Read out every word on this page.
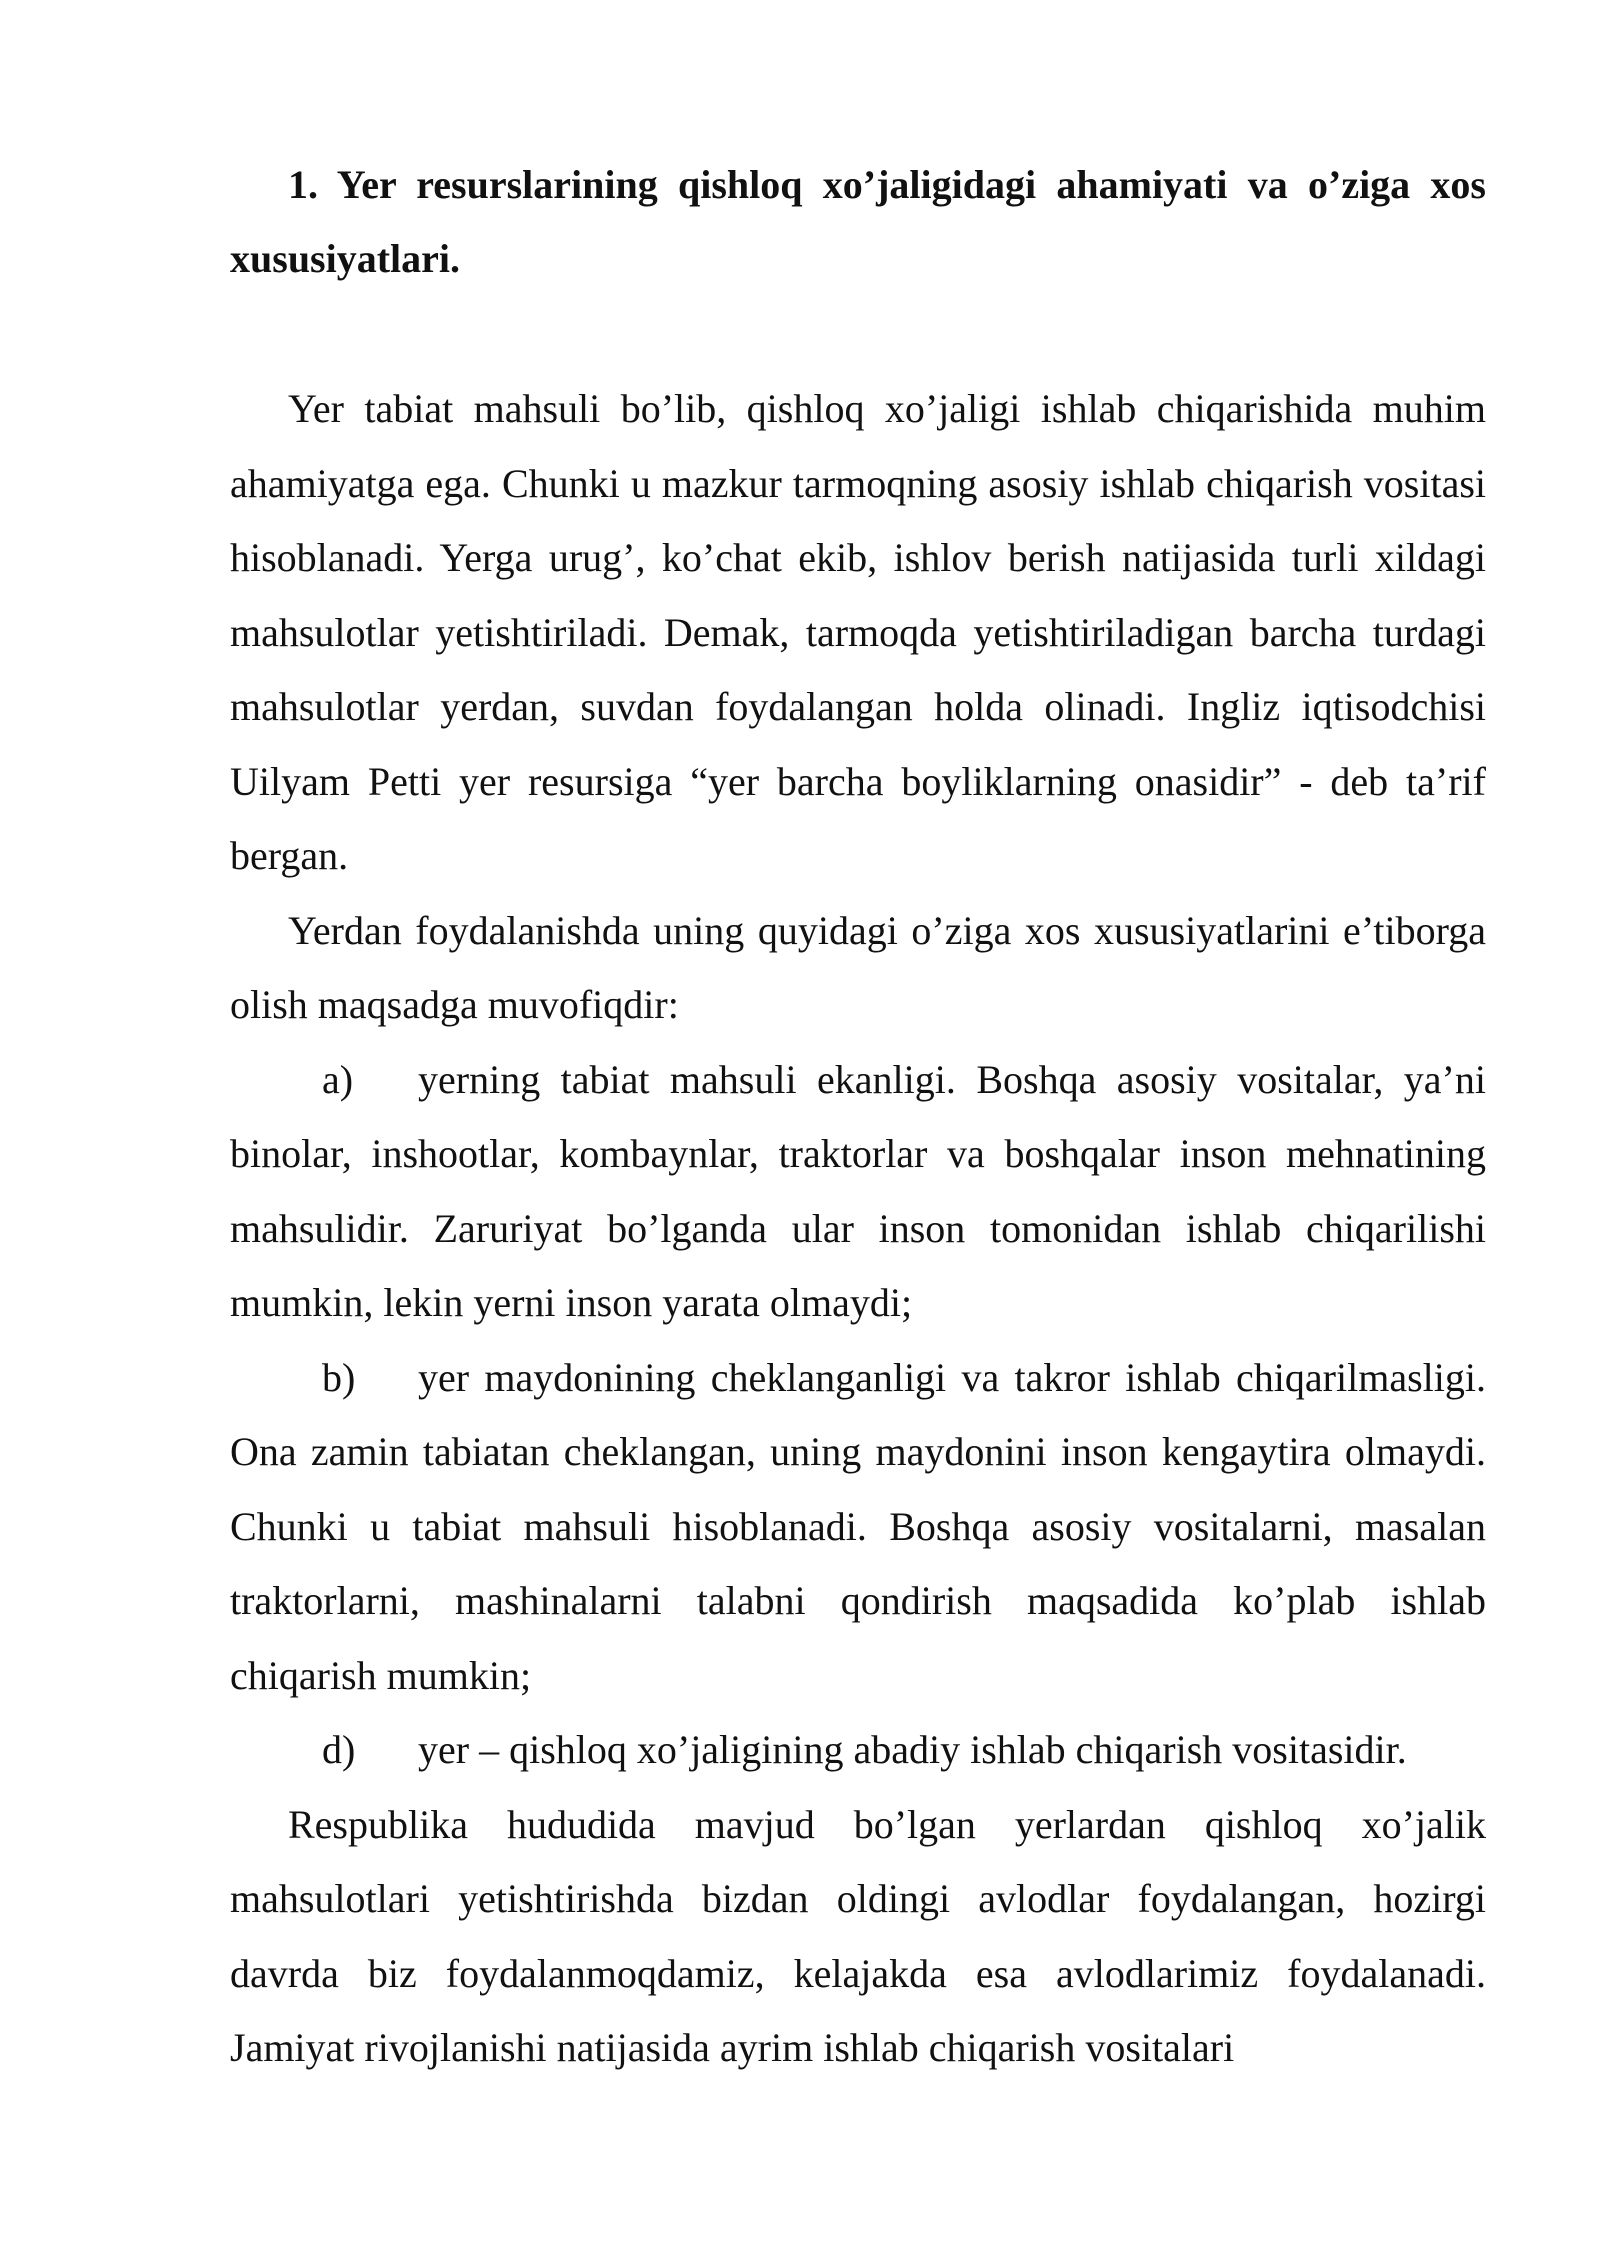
1. Yer resurslarining qishloq xo’jaligidagi ahamiyati va o’ziga xos xususiyatlari.

Yer tabiat mahsuli bo’lib, qishloq xo’jaligi ishlab chiqarishida muhim ahamiyatga ega. Chunki u mazkur tarmoqning asosiy ishlab chiqarish vositasi hisoblanadi. Yerga urug’, ko’chat ekib, ishlov berish natijasida turli xildagi mahsulotlar yetishtiriladi. Demak, tarmoqda yetishtiriladigan barcha turdagi mahsulotlar yerdan, suvdan foydalangan holda olinadi. Ingliz iqtisodchisi Uilyam Petti yer resursiga “yer barcha boyliklarning onasidir” - deb ta’rif bergan.

Yerdan foydalanishda uning quyidagi o’ziga xos xususiyatlarini e’tiborga olish maqsadga muvofiqdir:

a) yerning tabiat mahsuli ekanligi. Boshqa asosiy vositalar, ya’ni binolar, inshootlar, kombaynlar, traktorlar va boshqalar inson mehnatining mahsulidir. Zaruriyat bo’lganda ular inson tomonidan ishlab chiqarilishi mumkin, lekin yerni inson yarata olmaydi;

b) yer maydonining cheklanganligi va takror ishlab chiqarilmasligi. Ona zamin tabiatan cheklangan, uning maydonini inson kengaytira olmaydi. Chunki u tabiat mahsuli hisoblanadi. Boshqa asosiy vositalarni, masalan traktorlarni, mashinalarni talabni qondirish maqsadida ko’plab ishlab chiqarish mumkin;

d) yer – qishloq xo’jaligining abadiy ishlab chiqarish vositasidir.

Respublika hududida mavjud bo’lgan yerlardan qishloq xo’jalik mahsulotlari yetishtirishda bizdan oldingi avlodlar foydalangan, hozirgi davrda biz foydalanmoqdamiz, kelajakda esa avlodlarimiz foydalanadi. Jamiyat rivojlanishi natijasida ayrim ishlab chiqarish vositalari
